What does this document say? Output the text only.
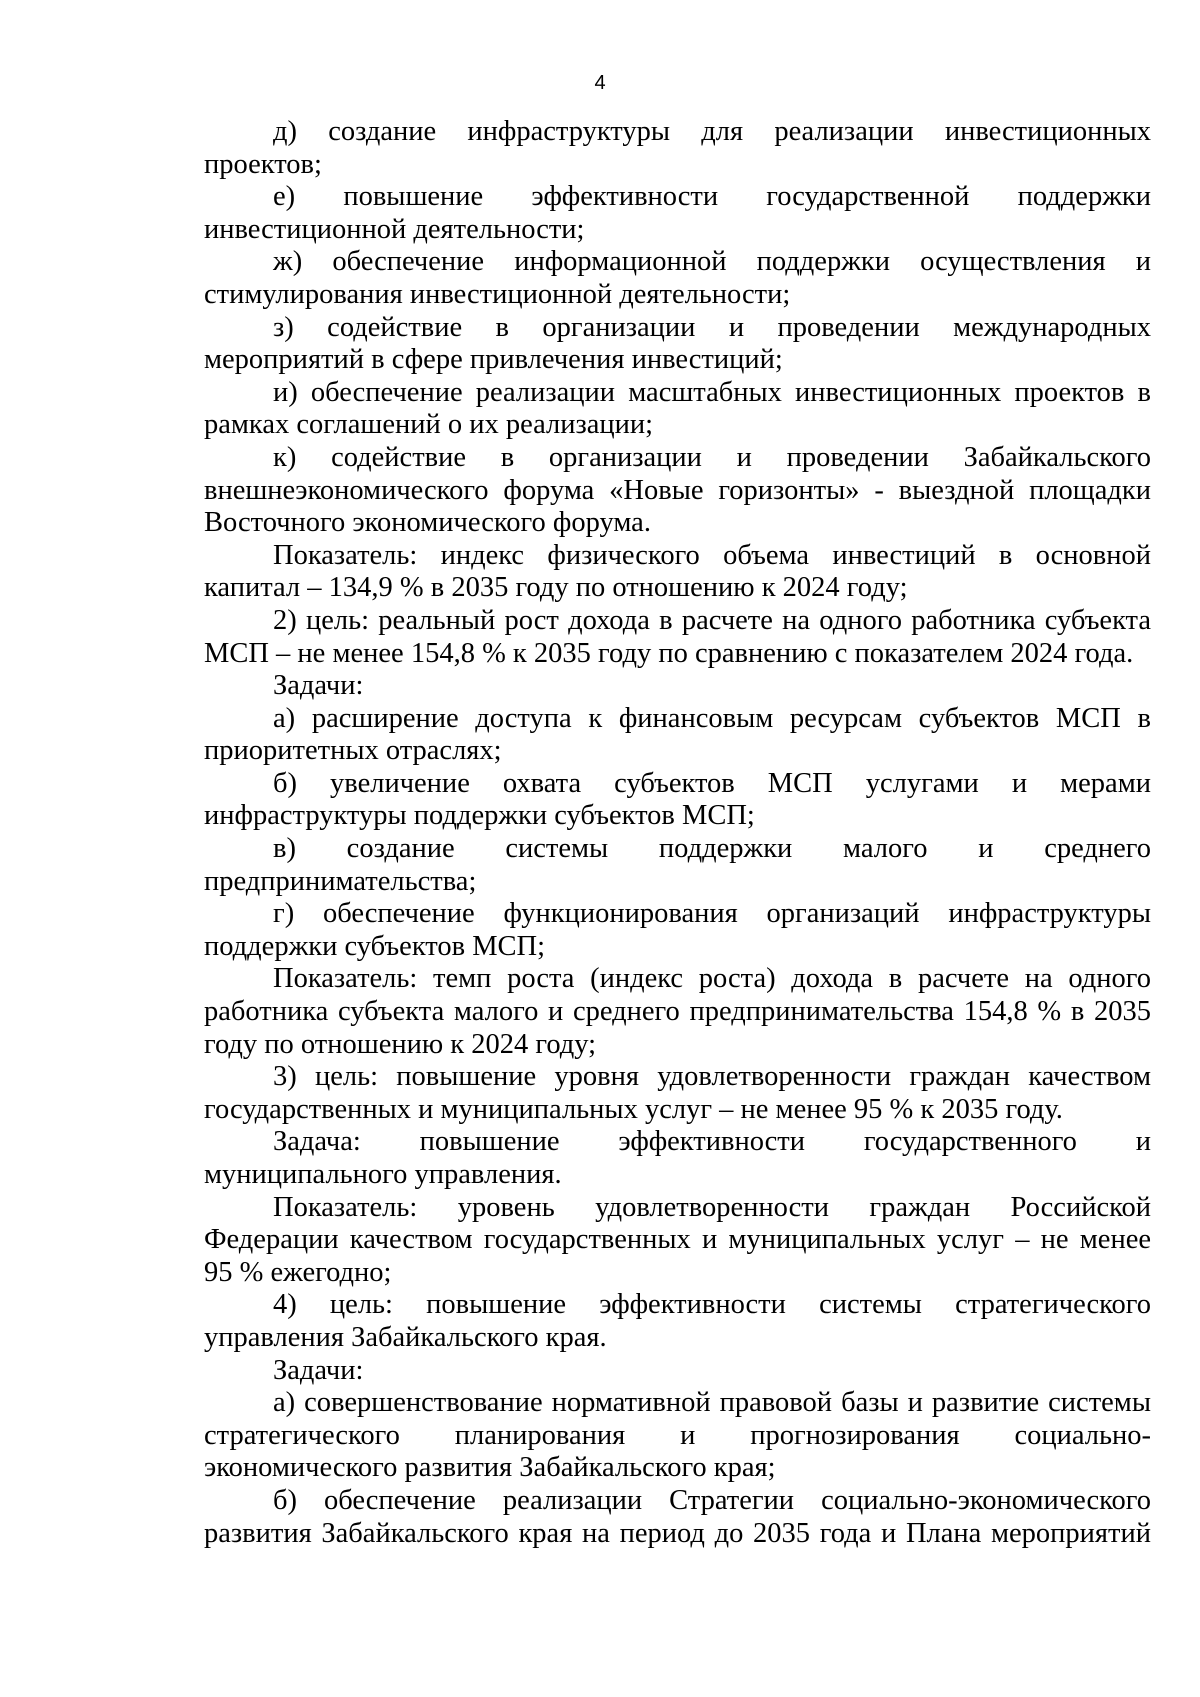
4

д) создание инфраструктуры для реализации инвестиционных проектов;

е) повышение эффективности государственной поддержки инвестиционной деятельности;

ж) обеспечение информационной поддержки осуществления и стимулирования инвестиционной деятельности;

з) содействие в организации и проведении международных мероприятий в сфере привлечения инвестиций;

и) обеспечение реализации масштабных инвестиционных проектов в рамках соглашений о их реализации;

к) содействие в организации и проведении Забайкальского внешнеэкономического форума «Новые горизонты» - выездной площадки Восточного экономического форума.

Показатель: индекс физического объема инвестиций в основной капитал – 134,9 % в 2035 году по отношению к 2024 году;

2) цель: реальный рост дохода в расчете на одного работника субъекта МСП – не менее 154,8 % к 2035 году по сравнению с показателем 2024 года.

Задачи:

а) расширение доступа к финансовым ресурсам субъектов МСП в приоритетных отраслях;

б) увеличение охвата субъектов МСП услугами и мерами инфраструктуры поддержки субъектов МСП;

в) создание системы поддержки малого и среднего предпринимательства;

г) обеспечение функционирования организаций инфраструктуры поддержки субъектов МСП;

Показатель: темп роста (индекс роста) дохода в расчете на одного работника субъекта малого и среднего предпринимательства 154,8 % в 2035 году по отношению к 2024 году;

3) цель: повышение уровня удовлетворенности граждан качеством государственных и муниципальных услуг – не менее 95 % к 2035 году.

Задача: повышение эффективности государственного и муниципального управления.

Показатель: уровень удовлетворенности граждан Российской Федерации качеством государственных и муниципальных услуг – не менее 95 % ежегодно;

4) цель: повышение эффективности системы стратегического управления Забайкальского края.

Задачи:

а) совершенствование нормативной правовой базы и развитие системы стратегического планирования и прогнозирования социально-экономического развития Забайкальского края;

б) обеспечение реализации Стратегии социально-экономического развития Забайкальского края на период до 2035 года и Плана мероприятий
